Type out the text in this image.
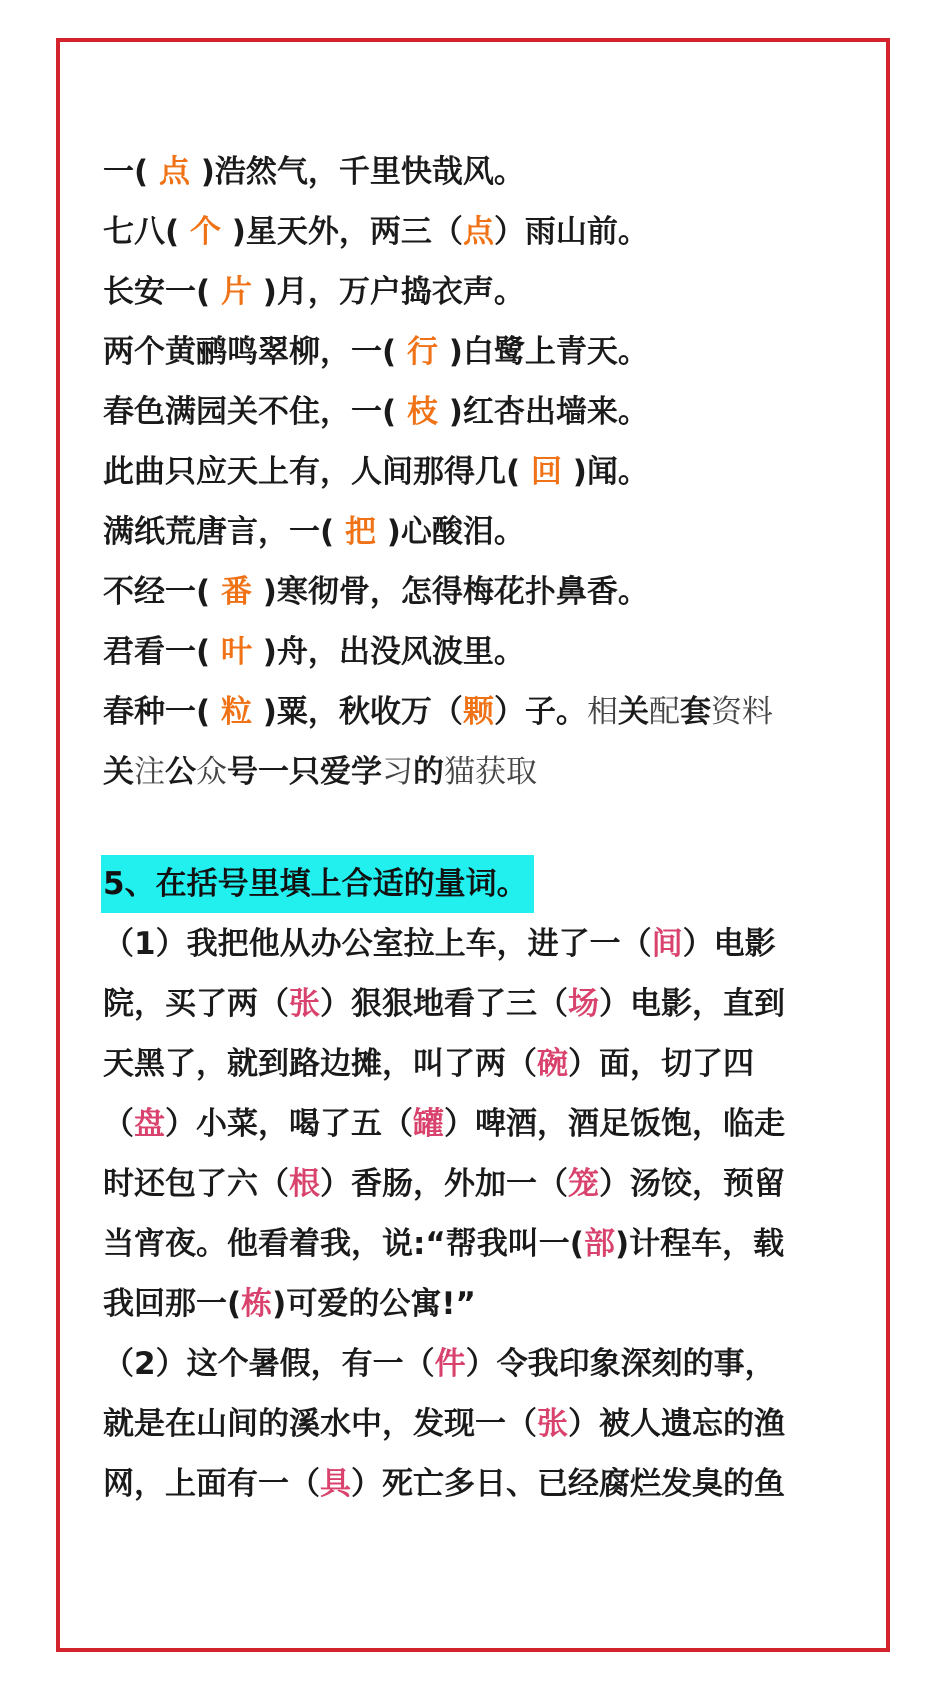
一( 点 )浩然气，千里快哉风。
七八( 个 )星天外，两三（点）雨山前。
长安一( 片 )月，万户捣衣声。
两个黄鹂鸣翠柳，一( 行 )白鹭上青天。
春色满园关不住，一( 枝 )红杏出墙来。
此曲只应天上有，人间那得几( 回 )闻。
满纸荒唐言，一( 把 )心酸泪。
不经一( 番 )寒彻骨，怎得梅花扑鼻香。
君看一( 叶 )舟，出没风波里。
春种一( 粒 )粟，秋收万（颗）子。相关配套资料
关注公众号一只爱学习的猫获取
5、在括号里填上合适的量词。
（1）我把他从办公室拉上车，进了一（间）电影
院，买了两（张）狠狠地看了三（场）电影，直到
天黑了，就到路边摊，叫了两（碗）面，切了四
（盘）小菜，喝了五（罐）啤酒，酒足饭饱，临走
时还包了六（根）香肠，外加一（笼）汤饺，预留
当宵夜。他看着我，说:“帮我叫一(部)计程车，载
我回那一(栋)可爱的公寓!”
（2）这个暑假，有一（件）令我印象深刻的事，
就是在山间的溪水中，发现一（张）被人遗忘的渔
网，上面有一（具）死亡多日、已经腐烂发臭的鱼
